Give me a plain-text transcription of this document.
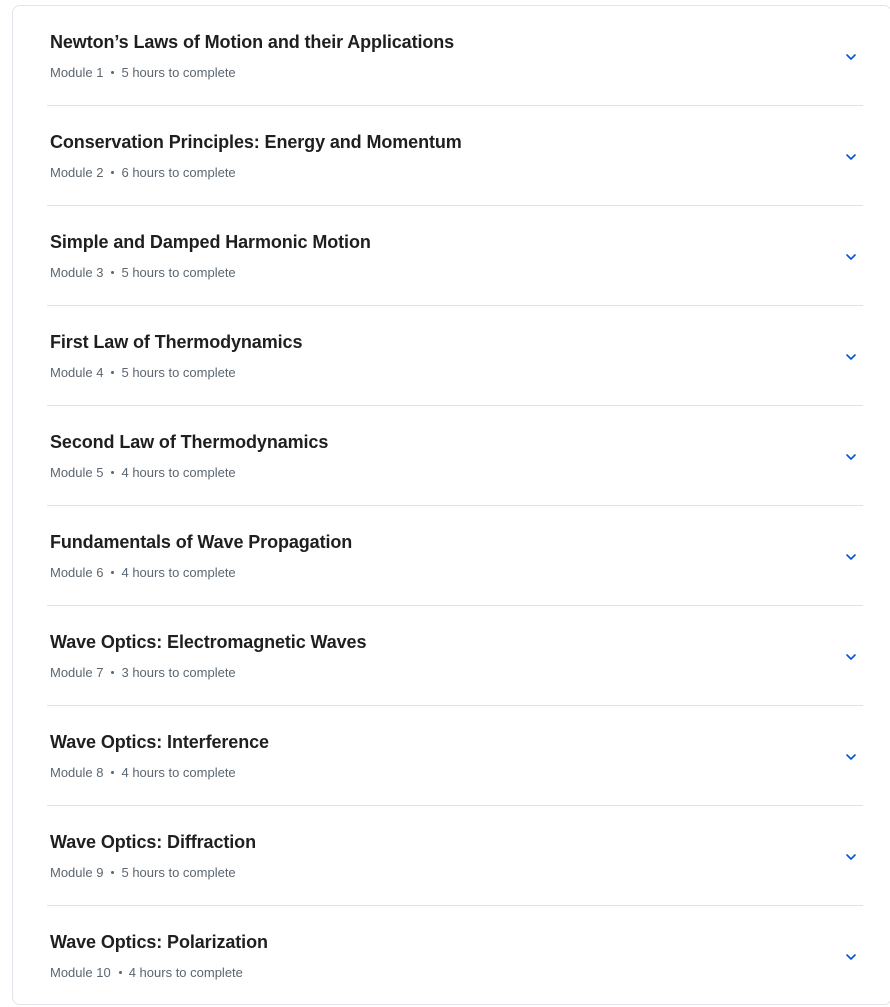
Newton’s Laws of Motion and their Applications
Module 1 5 hours to complete
Conservation Principles: Energy and Momentum
Module 2 6 hours to complete
Simple and Damped Harmonic Motion
Module 3 5 hours to complete
First Law of Thermodynamics
Module 4 5 hours to complete
Second Law of Thermodynamics
Module 5 4 hours to complete
Fundamentals of Wave Propagation
Module 6 4 hours to complete
Wave Optics: Electromagnetic Waves
Module 7 3 hours to complete
Wave Optics: Interference
Module 8 4 hours to complete
Wave Optics: Diffraction
Module 9 5 hours to complete
Wave Optics: Polarization
Module 10 4 hours to complete
